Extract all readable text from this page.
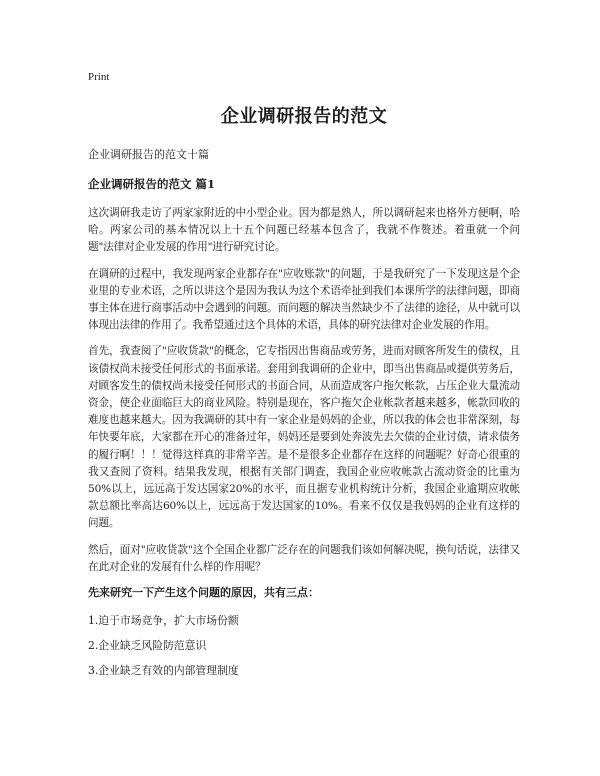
Print
企业调研报告的范文
企业调研报告的范文十篇
企业调研报告的范文 篇1

这次调研我走访了两家家附近的中小型企业。因为都是熟人，所以调研起来也格外方便啊，哈哈。两家公司的基本情况以上十五个问题已经基本包含了，我就不作赘述。着重就一个问题"法律对企业发展的作用"进行研究讨论。

在调研的过程中，我发现两家企业都存在"应收账款"的问题，于是我研究了一下发现这是个企业里的专业术语，之所以讲这个是因为我认为这个术语牵扯到我们本课所学的法律问题，即商事主体在进行商事活动中会遇到的问题。而问题的解决当然缺少不了法律的途径，从中就可以体现出法律的作用了。我希望通过这个具体的术语，具体的研究法律对企业发展的作用。

首先，我查阅了"应收货款"的概念，它专指因出售商品或劳务，进而对顾客所发生的债权，且该债权尚未接受任何形式的书面承诺。套用到我调研的企业中，即当出售商品或提供劳务后，对顾客发生的债权尚未接受任何形式的书面合同，从而造成客户拖欠帐款，占压企业大量流动资金，使企业面临巨大的商业风险。特别是现在，客户拖欠企业帐款者越来越多，帐款回收的难度也越来越大。因为我调研的其中有一家企业是妈妈的企业，所以我的体会也非常深刻，每年快要年底，大家都在开心的准备过年，妈妈还是要到处奔波先去欠债的企业讨债，请求债务的履行啊！！！觉得这样真的非常辛苦。是不是很多企业都存在这样的问题呢？好奇心很重的我又查阅了资料。结果我发现，根据有关部门调查，我国企业应收帐款占流动资金的比重为50%以上，远远高于发达国家20%的水平，而且据专业机构统计分析，我国企业逾期应收帐款总额比率高达60%以上，远远高于发达国家的10%。看来不仅仅是我妈妈的企业有这样的问题。

然后，面对"应收货款"这个全国企业都广泛存在的问题我们该如何解决呢，换句话说，法律又在此对企业的发展有什么样的作用呢？

先来研究一下产生这个问题的原因，共有三点：
1.迫于市场竞争，扩大市场份额
2.企业缺乏风险防范意识
3.企业缺乏有效的内部管理制度
